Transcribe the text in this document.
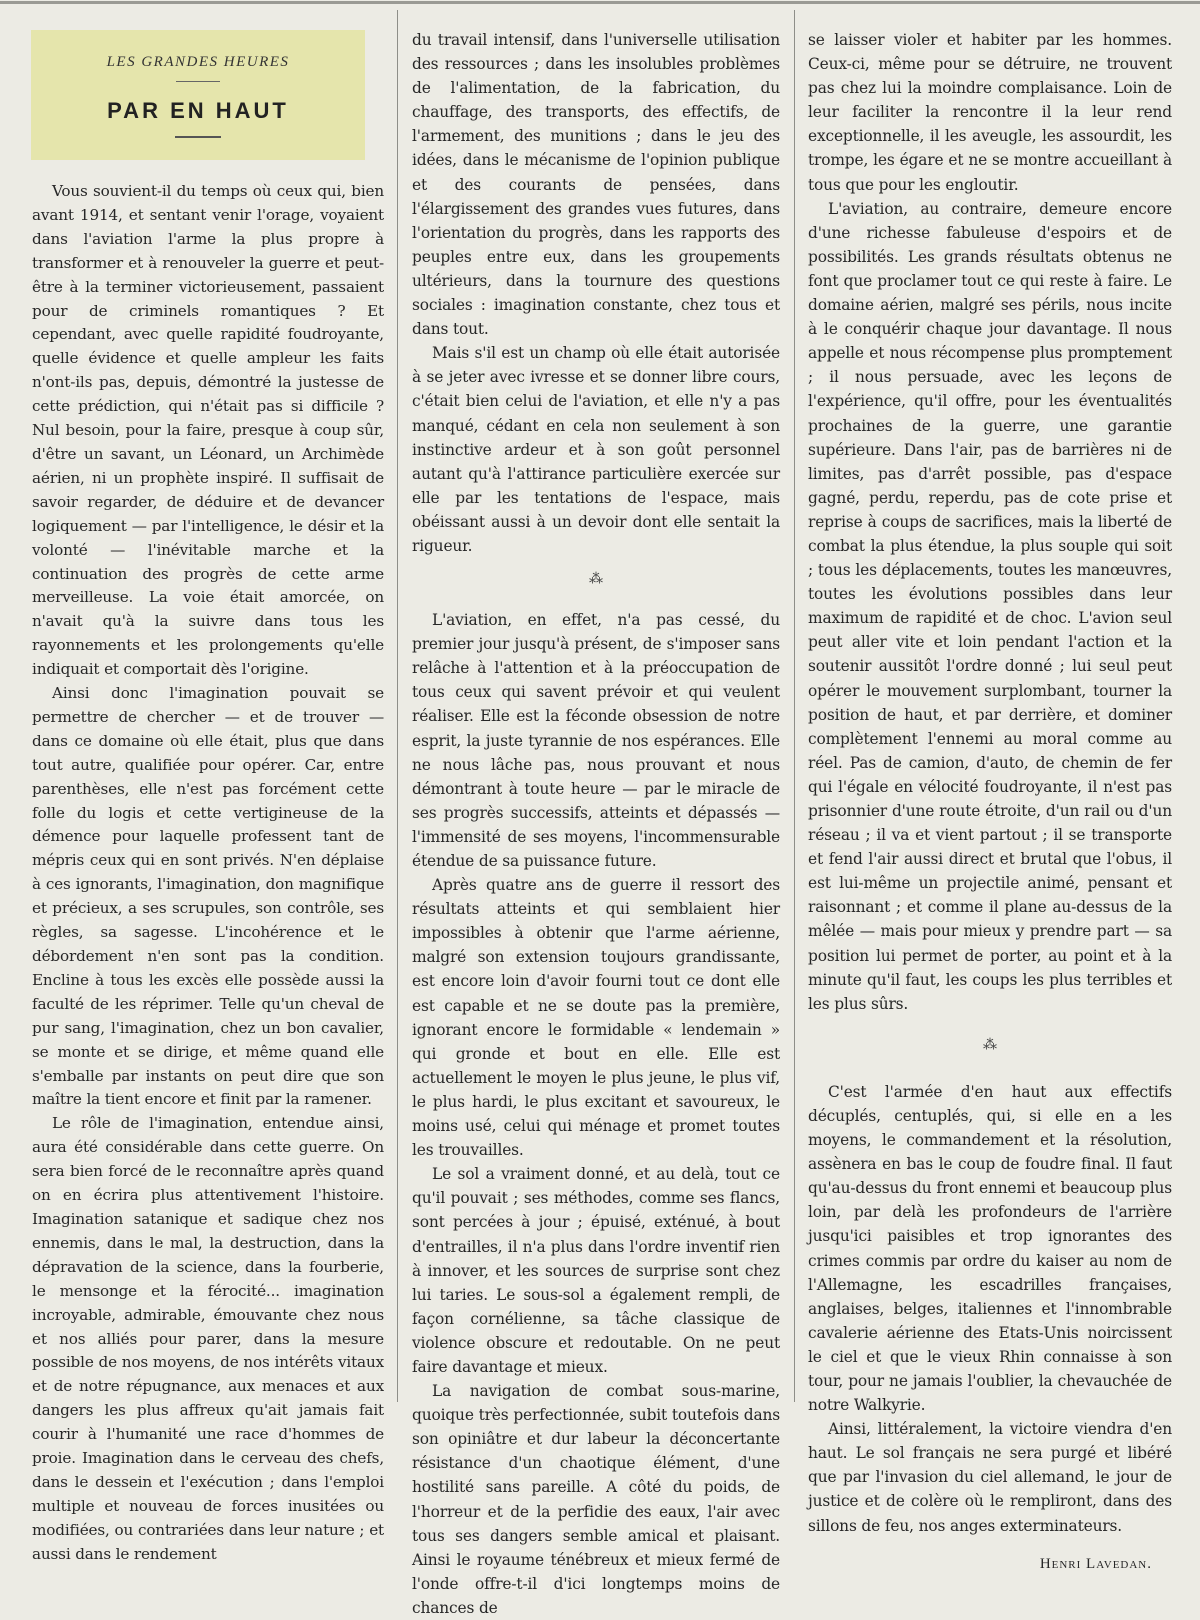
LES GRANDES HEURES
PAR EN HAUT

Vous souvient-il du temps où ceux qui, bien avant 1914, et sentant venir l'orage, voyaient dans l'aviation l'arme la plus propre à transformer et à renouveler la guerre et peut-être à la terminer victorieusement, passaient pour de criminels romantiques ? Et cependant, avec quelle rapidité foudroyante, quelle évidence et quelle ampleur les faits n'ont-ils pas, depuis, démontré la justesse de cette prédiction, qui n'était pas si difficile ? Nul besoin, pour la faire, presque à coup sûr, d'être un savant, un Léonard, un Archimède aérien, ni un prophète inspiré. Il suffisait de savoir regarder, de déduire et de devancer logiquement — par l'intelligence, le désir et la volonté — l'inévitable marche et la continuation des progrès de cette arme merveilleuse. La voie était amorcée, on n'avait qu'à la suivre dans tous les rayonnements et les prolongements qu'elle indiquait et comportait dès l'origine.

Ainsi donc l'imagination pouvait se permettre de chercher — et de trouver — dans ce domaine où elle était, plus que dans tout autre, qualifiée pour opérer. Car, entre parenthèses, elle n'est pas forcément cette folle du logis et cette vertigineuse de la démence pour laquelle professent tant de mépris ceux qui en sont privés. N'en déplaise à ces ignorants, l'imagination, don magnifique et précieux, a ses scrupules, son contrôle, ses règles, sa sagesse. L'incohérence et le débordement n'en sont pas la condition. Encline à tous les excès elle possède aussi la faculté de les réprimer. Telle qu'un cheval de pur sang, l'imagination, chez un bon cavalier, se monte et se dirige, et même quand elle s'emballe par instants on peut dire que son maître la tient encore et finit par la ramener.

Le rôle de l'imagination, entendue ainsi, aura été considérable dans cette guerre. On sera bien forcé de le reconnaître après quand on en écrira plus attentivement l'histoire. Imagination satanique et sadique chez nos ennemis, dans le mal, la destruction, dans la dépravation de la science, dans la fourberie, le mensonge et la férocité... imagination incroyable, admirable, émouvante chez nous et nos alliés pour parer, dans la mesure possible de nos moyens, de nos intérêts vitaux et de notre répugnance, aux menaces et aux dangers les plus affreux qu'ait jamais fait courir à l'humanité une race d'hommes de proie. Imagination dans le cerveau des chefs, dans le dessein et l'exécution ; dans l'emploi multiple et nouveau de forces inusitées ou modifiées, ou contrariées dans leur nature ; et aussi dans le rendement

du travail intensif, dans l'universelle utilisation des ressources ; dans les insolubles problèmes de l'alimentation, de la fabrication, du chauffage, des transports, des effectifs, de l'armement, des munitions ; dans le jeu des idées, dans le mécanisme de l'opinion publique et des courants de pensées, dans l'élargissement des grandes vues futures, dans l'orientation du progrès, dans les rapports des peuples entre eux, dans les groupements ultérieurs, dans la tournure des questions sociales : imagination constante, chez tous et dans tout.

Mais s'il est un champ où elle était autorisée à se jeter avec ivresse et se donner libre cours, c'était bien celui de l'aviation, et elle n'y a pas manqué, cédant en cela non seulement à son instinctive ardeur et à son goût personnel autant qu'à l'attirance particulière exercée sur elle par les tentations de l'espace, mais obéissant aussi à un devoir dont elle sentait la rigueur.

⁂

L'aviation, en effet, n'a pas cessé, du premier jour jusqu'à présent, de s'imposer sans relâche à l'attention et à la préoccupation de tous ceux qui savent prévoir et qui veulent réaliser. Elle est la féconde obsession de notre esprit, la juste tyrannie de nos espérances. Elle ne nous lâche pas, nous prouvant et nous démontrant à toute heure — par le miracle de ses progrès successifs, atteints et dépassés — l'immensité de ses moyens, l'incommensurable étendue de sa puissance future.

Après quatre ans de guerre il ressort des résultats atteints et qui semblaient hier impossibles à obtenir que l'arme aérienne, malgré son extension toujours grandissante, est encore loin d'avoir fourni tout ce dont elle est capable et ne se doute pas la première, ignorant encore le formidable « lendemain » qui gronde et bout en elle. Elle est actuellement le moyen le plus jeune, le plus vif, le plus hardi, le plus excitant et savoureux, le moins usé, celui qui ménage et promet toutes les trouvailles.

Le sol a vraiment donné, et au delà, tout ce qu'il pouvait ; ses méthodes, comme ses flancs, sont percées à jour ; épuisé, exténué, à bout d'entrailles, il n'a plus dans l'ordre inventif rien à innover, et les sources de surprise sont chez lui taries. Le sous-sol a également rempli, de façon cornélienne, sa tâche classique de violence obscure et redoutable. On ne peut faire davantage et mieux.

La navigation de combat sous-marine, quoique très perfectionnée, subit toutefois dans son opiniâtre et dur labeur la déconcertante résistance d'un chaotique élément, d'une hostilité sans pareille. A côté du poids, de l'horreur et de la perfidie des eaux, l'air avec tous ses dangers semble amical et plaisant. Ainsi le royaume ténébreux et mieux fermé de l'onde offre-t-il d'ici longtemps moins de chances de

se laisser violer et habiter par les hommes. Ceux-ci, même pour se détruire, ne trouvent pas chez lui la moindre complaisance. Loin de leur faciliter la rencontre il la leur rend exceptionnelle, il les aveugle, les assourdit, les trompe, les égare et ne se montre accueillant à tous que pour les engloutir.

L'aviation, au contraire, demeure encore d'une richesse fabuleuse d'espoirs et de possibilités. Les grands résultats obtenus ne font que proclamer tout ce qui reste à faire. Le domaine aérien, malgré ses périls, nous incite à le conquérir chaque jour davantage. Il nous appelle et nous récompense plus promptement ; il nous persuade, avec les leçons de l'expérience, qu'il offre, pour les éventualités prochaines de la guerre, une garantie supérieure. Dans l'air, pas de barrières ni de limites, pas d'arrêt possible, pas d'espace gagné, perdu, reperdu, pas de cote prise et reprise à coups de sacrifices, mais la liberté de combat la plus étendue, la plus souple qui soit ; tous les déplacements, toutes les manœuvres, toutes les évolutions possibles dans leur maximum de rapidité et de choc. L'avion seul peut aller vite et loin pendant l'action et la soutenir aussitôt l'ordre donné ; lui seul peut opérer le mouvement surplombant, tourner la position de haut, et par derrière, et dominer complètement l'ennemi au moral comme au réel. Pas de camion, d'auto, de chemin de fer qui l'égale en vélocité foudroyante, il n'est pas prisonnier d'une route étroite, d'un rail ou d'un réseau ; il va et vient partout ; il se transporte et fend l'air aussi direct et brutal que l'obus, il est lui-même un projectile animé, pensant et raisonnant ; et comme il plane au-dessus de la mêlée — mais pour mieux y prendre part — sa position lui permet de porter, au point et à la minute qu'il faut, les coups les plus terribles et les plus sûrs.

⁂

C'est l'armée d'en haut aux effectifs décuplés, centuplés, qui, si elle en a les moyens, le commandement et la résolution, assènera en bas le coup de foudre final. Il faut qu'au-dessus du front ennemi et beaucoup plus loin, par delà les profondeurs de l'arrière jusqu'ici paisibles et trop ignorantes des crimes commis par ordre du kaiser au nom de l'Allemagne, les escadrilles françaises, anglaises, belges, italiennes et l'innombrable cavalerie aérienne des Etats-Unis noircissent le ciel et que le vieux Rhin connaisse à son tour, pour ne jamais l'oublier, la chevauchée de notre Walkyrie.

Ainsi, littéralement, la victoire viendra d'en haut. Le sol français ne sera purgé et libéré que par l'invasion du ciel allemand, le jour de justice et de colère où le rempliront, dans des sillons de feu, nos anges exterminateurs.

Henri Lavedan.
